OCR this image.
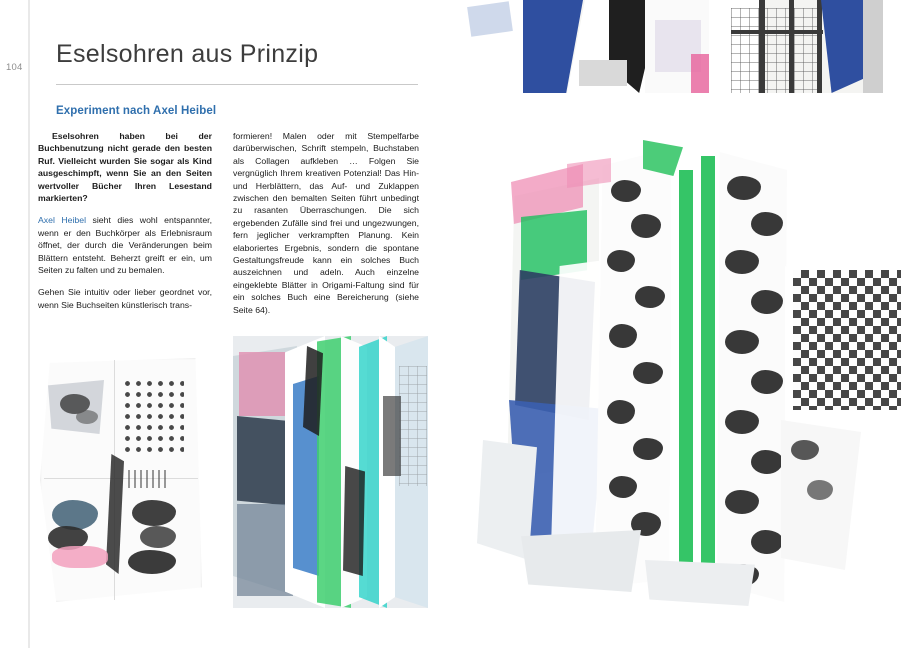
104 Eselsohren aus Prinzip
Experiment nach Axel Heibel

Eselsohren haben bei der Buchbenutzung nicht gerade den besten Ruf. Vielleicht wurden Sie sogar als Kind ausgeschimpft, wenn Sie an den Seiten wertvoller Bücher Ihren Lesestand markierten?

Axel Heibel sieht dies wohl entspannter, wenn er den Buchkörper als Erlebnisraum öffnet, der durch die Veränderungen beim Blättern entsteht. Beherzt greift er ein, um Seiten zu falten und zu bemalen.

Gehen Sie intuitiv oder lieber geordnet vor, wenn Sie Buchseiten künstlerisch trans-

formieren! Malen oder mit Stempelfarbe darüberwischen, Schrift stempeln, Buchstaben als Collagen aufkleben … Folgen Sie vergnüglich Ihrem kreativen Potenzial! Das Hin- und Herblättern, das Auf- und Zuklappen zwischen den bemalten Seiten führt unbedingt zu rasanten Überraschungen. Die sich ergebenden Zufälle sind frei und ungezwungen, fern jeglicher verkrampften Planung. Kein elaboriertes Ergebnis, sondern die spontane Gestaltungsfreude kann ein solches Buch auszeichnen und adeln. Auch einzelne eingeklebte Blätter in Origami-Faltung sind für ein solches Buch eine Bereicherung (siehe Seite 64).
